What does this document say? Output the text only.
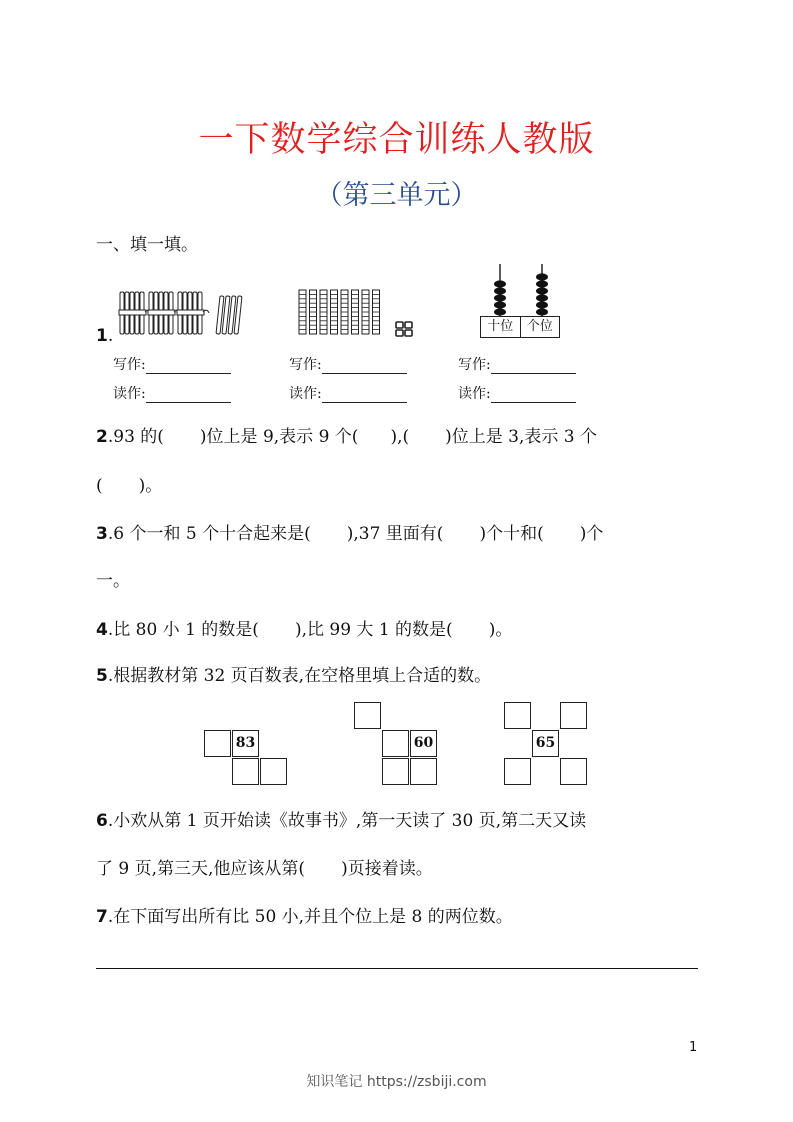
一下数学综合训练人教版
（第三单元）
一、填一填。
1.	十位	个位
写作:
读作:
写作:
读作:
写作:
读作:
2.93 的( )位上是 9,表示 9 个( ),( )位上是 3,表示 3 个
( )。
3.6 个一和 5 个十合起来是( ),37 里面有( )个十和( )个
一。
4.比 80 小 1 的数是( ),比 99 大 1 的数是( )。
5.根据教材第 32 页百数表,在空格里填上合适的数。
83	60	65
6.小欢从第 1 页开始读《故事书》,第一天读了 30 页,第二天又读
了 9 页,第三天,他应该从第( )页接着读。
7.在下面写出所有比 50 小,并且个位上是 8 的两位数。
1
知识笔记 https://zsbiji.com
